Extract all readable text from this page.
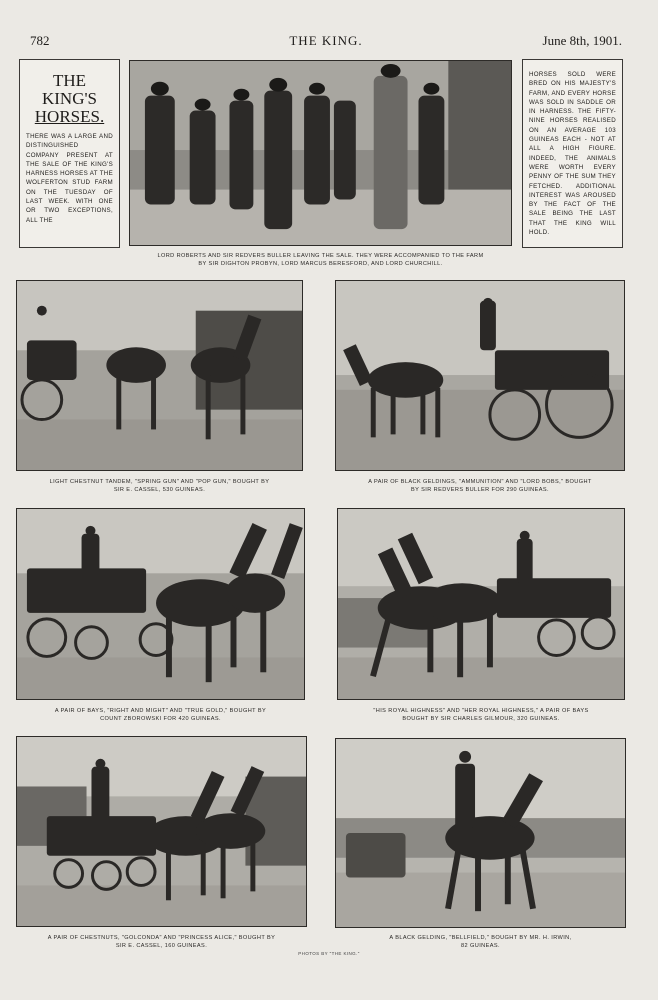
782	THE KING.	June 8th, 1901.
THE
KING'S
HORSES.

THERE WAS A LARGE AND DISTINGUISHED COMPANY PRESENT AT THE SALE OF THE KING'S HARNESS HORSES AT THE WOLFERTON STUD FARM ON THE TUESDAY OF LAST WEEK. WITH ONE OR TWO EXCEPTIONS, ALL THE

HORSES SOLD WERE BRED ON HIS MAJESTY'S FARM, AND EVERY HORSE WAS SOLD IN SADDLE OR IN HARNESS. THE FIFTY-NINE HORSES REALISED ON AN AVERAGE 103 GUINEAS EACH - NOT AT ALL A HIGH FIGURE. INDEED, THE ANIMALS WERE WORTH EVERY PENNY OF THE SUM THEY FETCHED. ADDITIONAL INTEREST WAS AROUSED BY THE FACT OF THE SALE BEING THE LAST THAT THE KING WILL HOLD.

LORD ROBERTS AND SIR REDVERS BULLER LEAVING THE SALE. THEY WERE ACCOMPANIED TO THE FARM
BY SIR DIGHTON PROBYN, LORD MARCUS BERESFORD, AND LORD CHURCHILL.
LIGHT CHESTNUT TANDEM, "SPRING GUN" AND "POP GUN," BOUGHT BY
SIR E. CASSEL, 530 GUINEAS.
A PAIR OF BLACK GELDINGS, "AMMUNITION" AND "LORD BOBS," BOUGHT
BY SIR REDVERS BULLER FOR 290 GUINEAS.
A PAIR OF BAYS, "RIGHT AND MIGHT" AND "TRUE GOLD," BOUGHT BY
COUNT ZBOROWSKI FOR 420 GUINEAS.
"HIS ROYAL HIGHNESS" AND "HER ROYAL HIGHNESS," A PAIR OF BAYS
BOUGHT BY SIR CHARLES GILMOUR, 320 GUINEAS.
A PAIR OF CHESTNUTS, "GOLCONDA" AND "PRINCESS ALICE," BOUGHT BY
SIR E. CASSEL, 160 GUINEAS.
A BLACK GELDING, "BELLFIELD," BOUGHT BY MR. H. IRWIN,
82 GUINEAS.
PHOTOS BY "THE KING."
